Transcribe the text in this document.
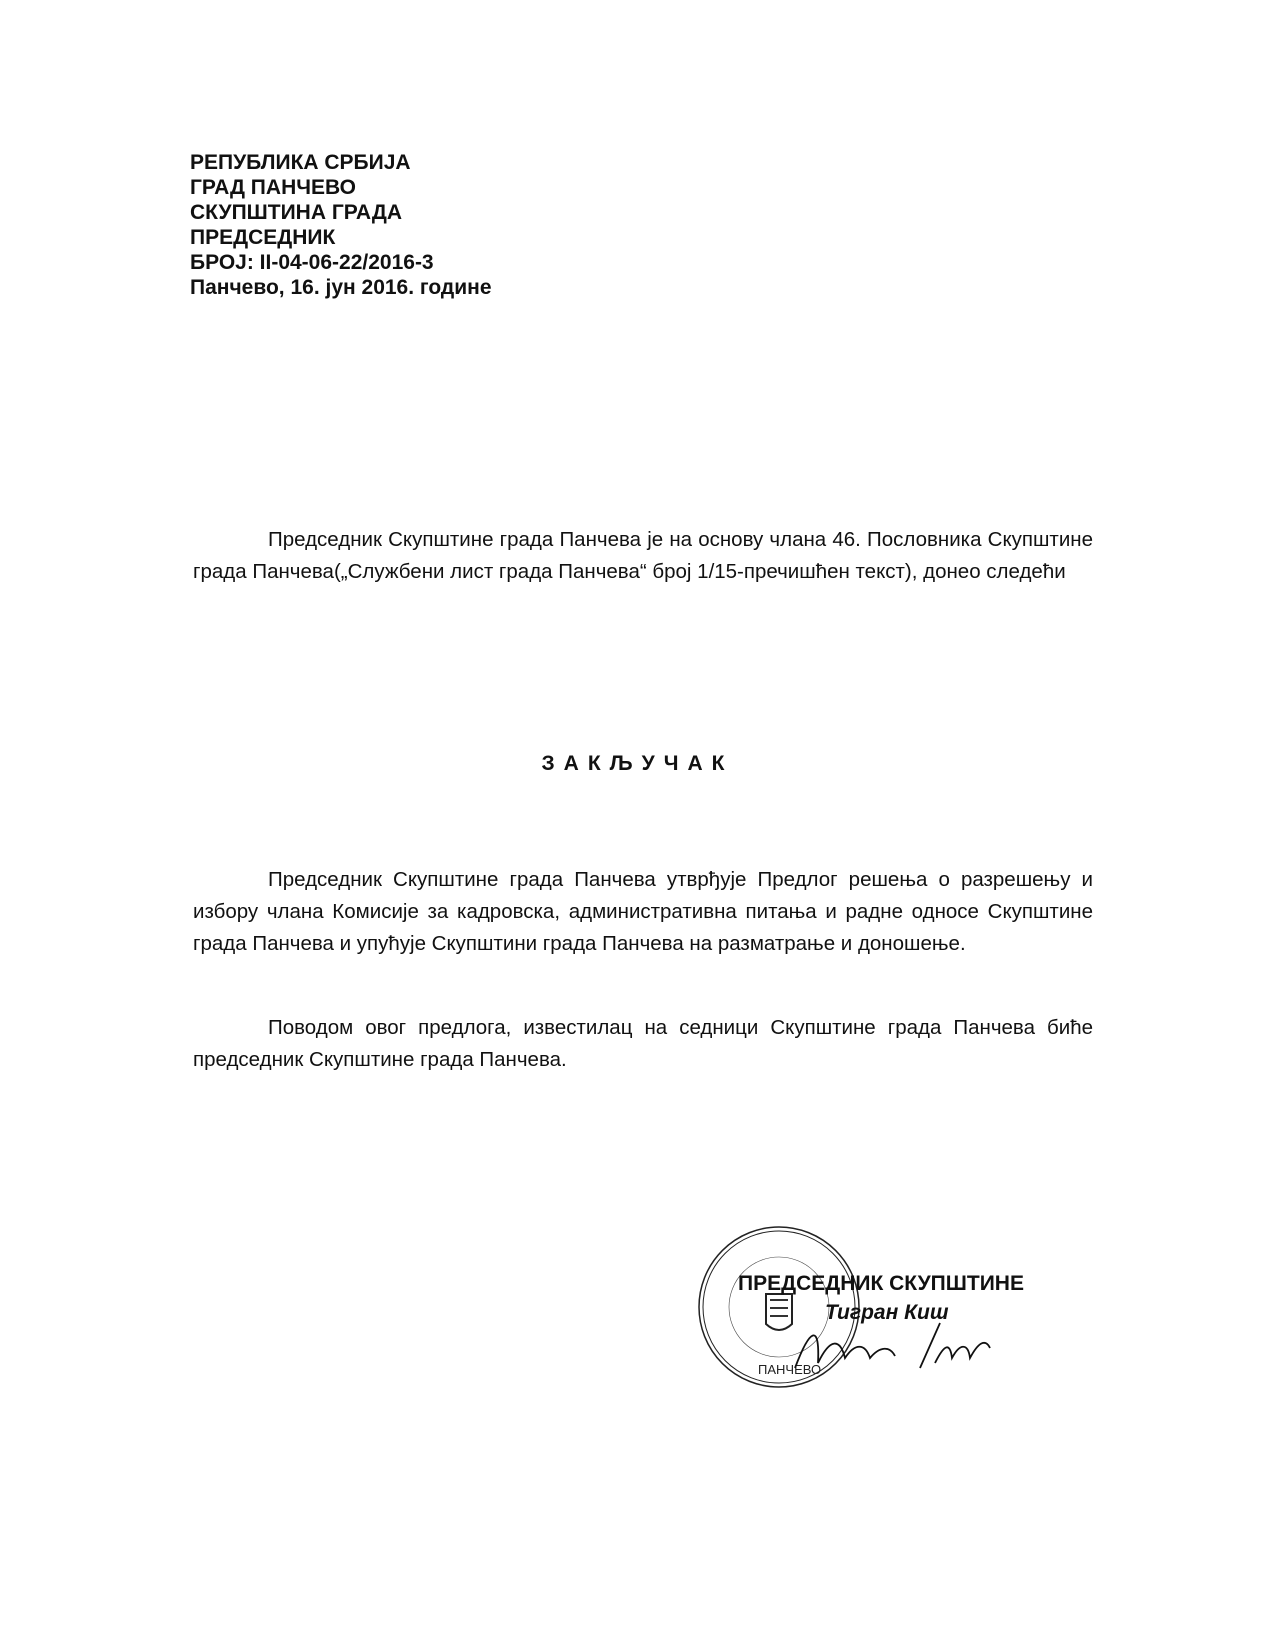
РЕПУБЛИКА СРБИЈА
ГРАД ПАНЧЕВО
СКУПШТИНА ГРАДА
ПРЕДСЕДНИК
БРОЈ: II-04-06-22/2016-3
Панчево, 16. јун 2016. године
Председник Скупштине града Панчева је на основу члана 46. Пословника Скупштине града Панчева(„Службени лист града Панчева“ број 1/15-пречишћен текст), донео следећи
ЗАКЉУЧАК
Председник Скупштине града Панчева утврђује Предлог решења о разрешењу и избору члана Комисије за кадровска, административна питања и радне односе Скупштине града Панчева и упућује Скупштини града Панчева на разматрање и доношење.
Поводом овог предлога, известилац на седници Скупштине града Панчева биће председник Скупштине града Панчева.
ПАНЧЕВО
ПРЕДСЕДНИК СКУПШТИНЕ
Тигран Киш
